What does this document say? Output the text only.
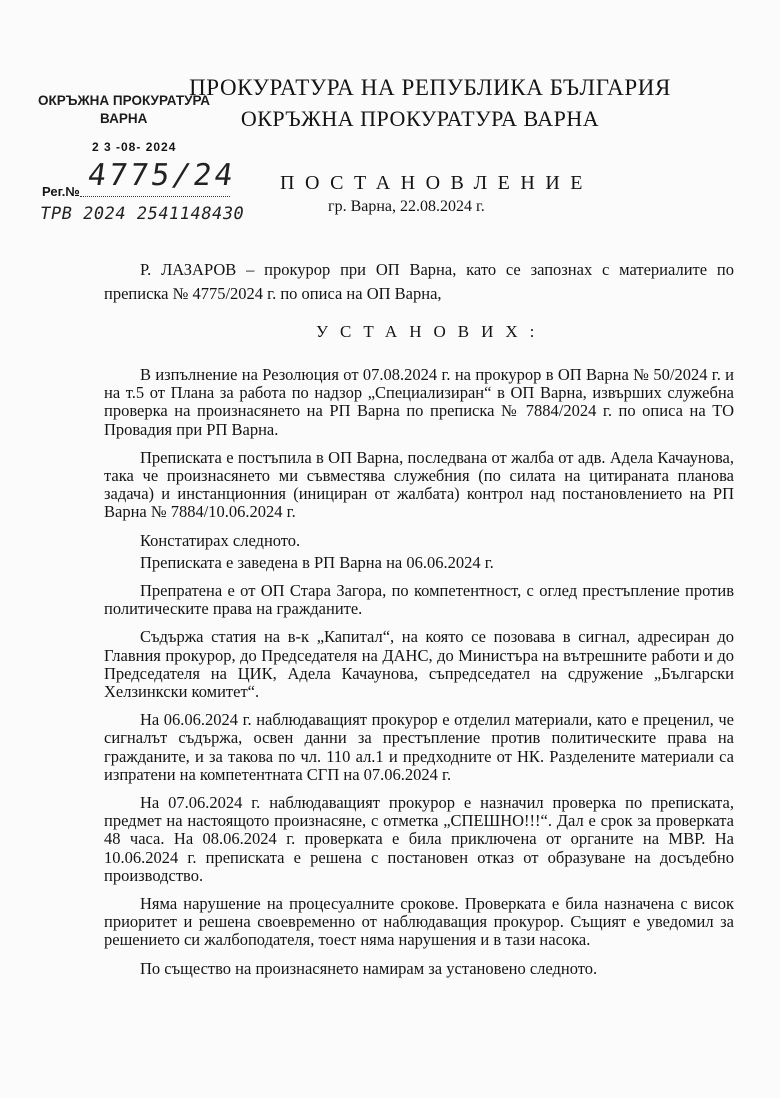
ПРОКУРАТУРА НА РЕПУБЛИКА БЪЛГАРИЯ
ОКРЪЖНА ПРОКУРАТУРА ВАРНА
ОКРЪЖНА ПРОКУРАТУРА
ВАРНА
2 3 -08- 2024
Рег.№ 4775/24
ТРВ 2024 2541148430
ПОСТАНОВЛЕНИЕ
гр. Варна, 22.08.2024 г.
Р. ЛАЗАРОВ – прокурор при ОП Варна, като се запознах с материалите по преписка № 4775/2024 г. по описа на ОП Варна,
УСТАНОВИХ:

В изпълнение на Резолюция от 07.08.2024 г. на прокурор в ОП Варна № 50/2024 г. и на т.5 от Плана за работа по надзор „Специализиран“ в ОП Варна, извърших служебна проверка на произнасянето на РП Варна по преписка № 7884/2024 г. по описа на ТО Провадия при РП Варна.

Преписката е постъпила в ОП Варна, последвана от жалба от адв. Адела Качаунова, така че произнасянето ми съвместява служебния (по силата на цитираната планова задача) и инстанционния (инициран от жалбата) контрол над постановлението на РП Варна № 7884/10.06.2024 г.

Констатирах следното.

Преписката е заведена в РП Варна на 06.06.2024 г.

Препратена е от ОП Стара Загора, по компетентност, с оглед престъпление против политическите права на гражданите.

Съдържа статия на в-к „Капитал“, на която се позовава в сигнал, адресиран до Главния прокурор, до Председателя на ДАНС, до Министъра на вътрешните работи и до Председателя на ЦИК, Адела Качаунова, съпредседател на сдружение „Български Хелзинкски комитет“.

На 06.06.2024 г. наблюдаващият прокурор е отделил материали, като е преценил, че сигналът съдържа, освен данни за престъпление против политическите права на гражданите, и за такова по чл. 110 ал.1 и предходните от НК. Разделените материали са изпратени на компетентната СГП на 07.06.2024 г.

На 07.06.2024 г. наблюдаващият прокурор е назначил проверка по преписката, предмет на настоящото произнасяне, с отметка „СПЕШНО!!!“. Дал е срок за проверката 48 часа. На 08.06.2024 г. проверката е била приключена от органите на МВР. На 10.06.2024 г. преписката е решена с постановен отказ от образуване на досъдебно производство.

Няма нарушение на процесуалните срокове. Проверката е била назначена с висок приоритет и решена своевременно от наблюдаващия прокурор. Същият е уведомил за решението си жалбоподателя, тоест няма нарушения и в тази насока.

По същество на произнасянето намирам за установено следното.
